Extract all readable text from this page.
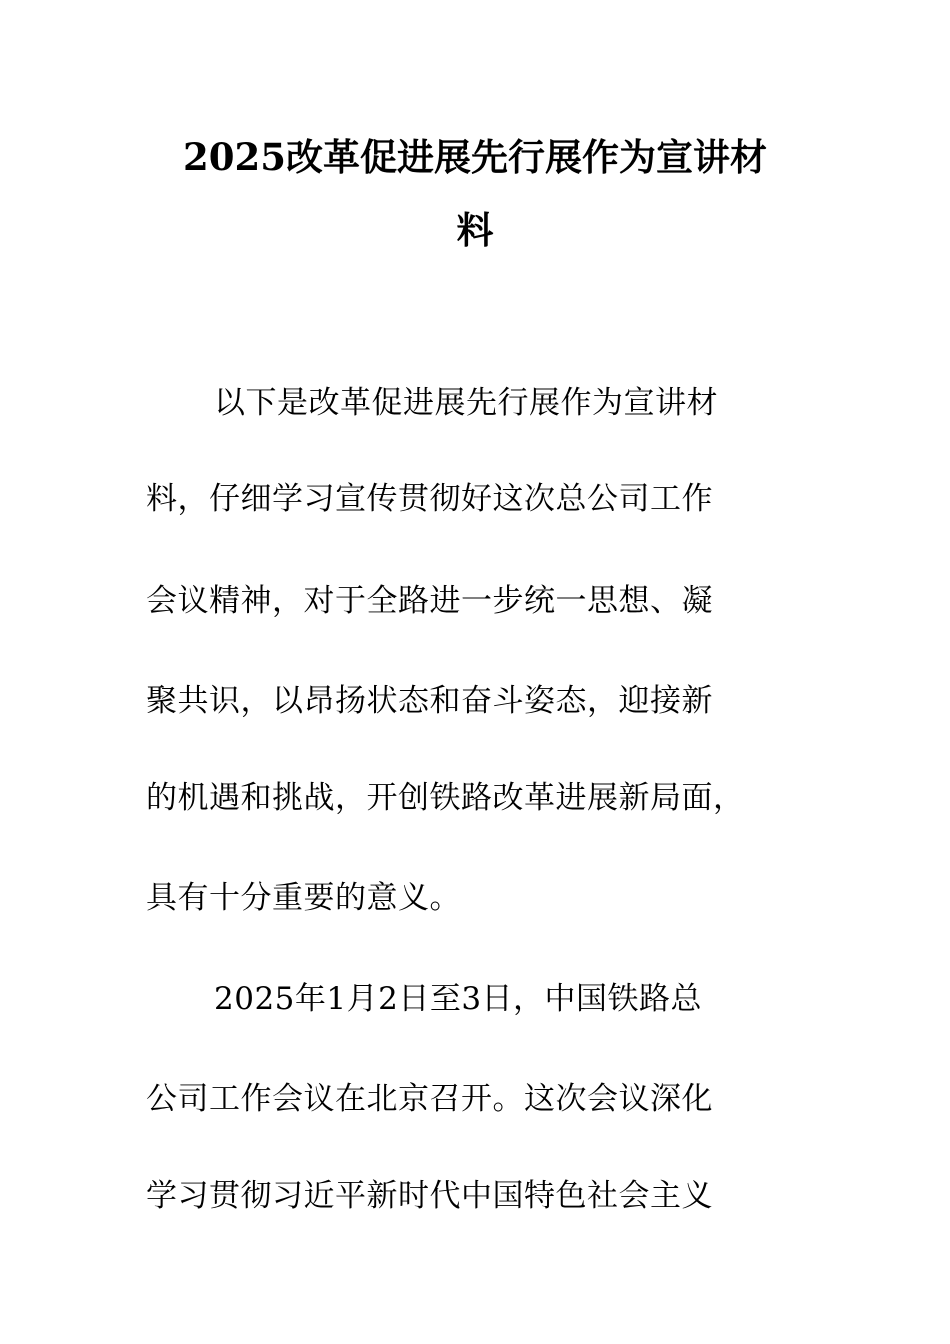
2025改革促进展先行展作为宣讲材
料
以下是改革促进展先行展作为宣讲材
料，仔细学习宣传贯彻好这次总公司工作
会议精神，对于全路进一步统一思想、凝
聚共识，以昂扬状态和奋斗姿态，迎接新
的机遇和挑战，开创铁路改革进展新局面，
具有十分重要的意义。
2025年1月2日至3日，中国铁路总
公司工作会议在北京召开。这次会议深化
学习贯彻习近平新时代中国特色社会主义
